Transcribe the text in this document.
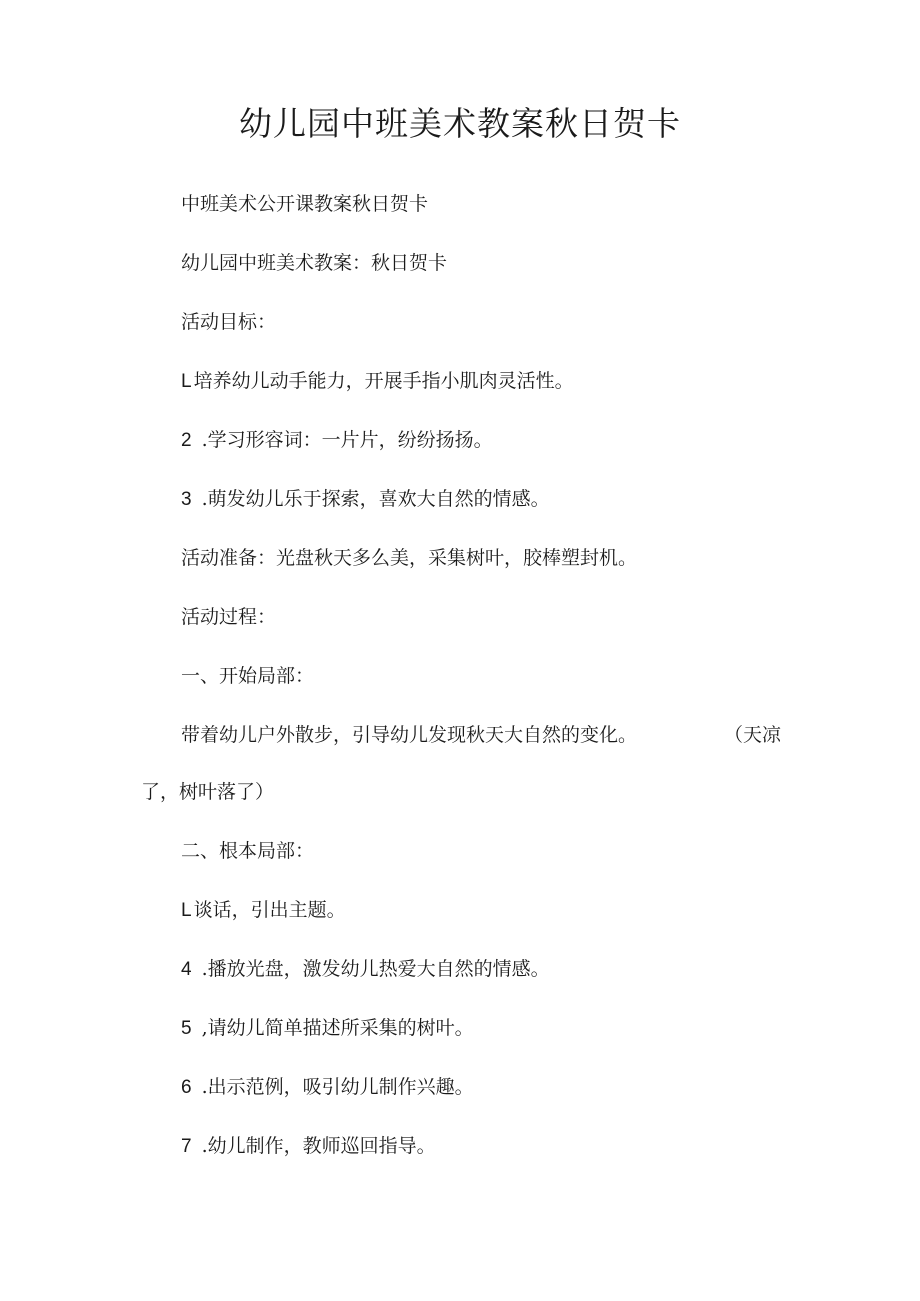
幼儿园中班美术教案秋日贺卡

中班美术公开课教案秋日贺卡

幼儿园中班美术教案：秋日贺卡

活动目标：

L 培养幼儿动手能力，开展手指小肌肉灵活性。

2 .学习形容词：一片片，纷纷扬扬。

3 .萌发幼儿乐于探索，喜欢大自然的情感。

活动准备：光盘秋天多么美，采集树叶，胶棒塑封机。

活动过程：

一、开始局部：

带着幼儿户外散步，引导幼儿发现秋天大自然的变化。	（天凉

了，树叶落了）

二、根本局部：

L 谈话，引出主题。

4 .播放光盘，激发幼儿热爱大自然的情感。

5 ,请幼儿简单描述所采集的树叶。

6 .出示范例，吸引幼儿制作兴趣。

7 .幼儿制作，教师巡回指导。
